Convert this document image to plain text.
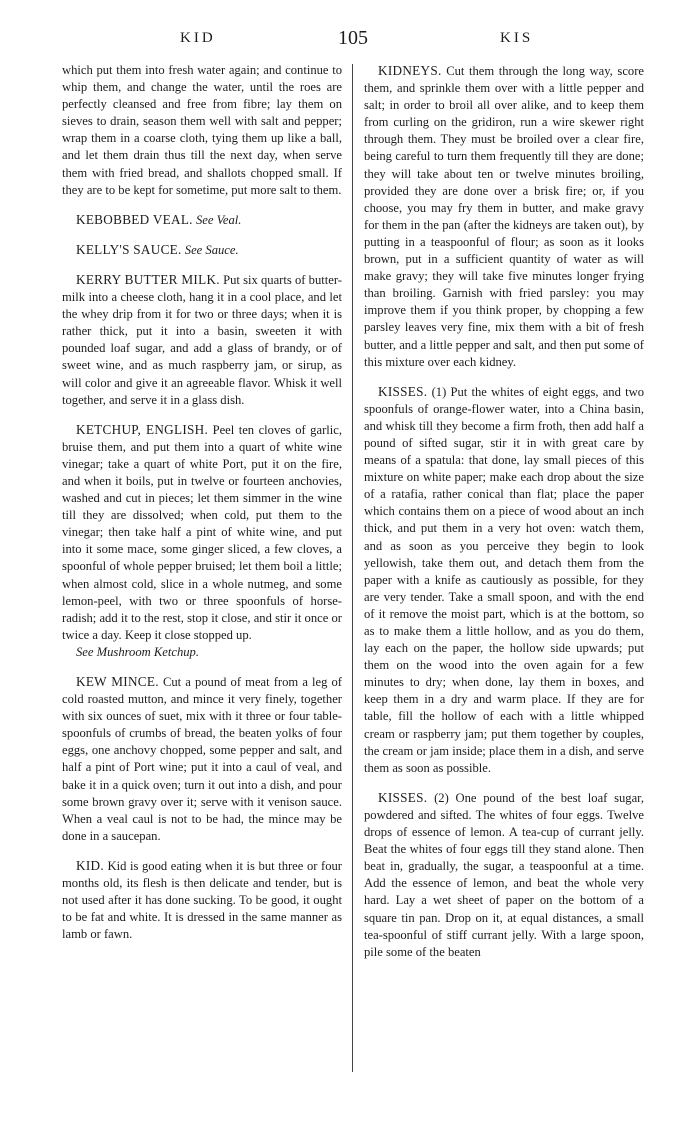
KID	105	KIS

which put them into fresh water again; and continue to whip them, and change the water, until the roes are perfectly cleansed and free from fibre; lay them on sieves to drain, season them well with salt and pepper; wrap them in a coarse cloth, tying them up like a ball, and let them drain thus till the next day, when serve them with fried bread, and shallots chopped small. If they are to be kept for sometime, put more salt to them.

KEBOBBED VEAL. See Veal.

KELLY'S SAUCE. See Sauce.

KERRY BUTTER MILK. Put six quarts of butter-milk into a cheese cloth, hang it in a cool place, and let the whey drip from it for two or three days; when it is rather thick, put it into a basin, sweeten it with pounded loaf sugar, and add a glass of brandy, or of sweet wine, and as much raspberry jam, or sirup, as will color and give it an agreeable flavor. Whisk it well together, and serve it in a glass dish.

KETCHUP, ENGLISH. Peel ten cloves of garlic, bruise them, and put them into a quart of white wine vinegar; take a quart of white Port, put it on the fire, and when it boils, put in twelve or fourteen anchovies, washed and cut in pieces; let them simmer in the wine till they are dissolved; when cold, put them to the vinegar; then take half a pint of white wine, and put into it some mace, some ginger sliced, a few cloves, a spoonful of whole pepper bruised; let them boil a little; when almost cold, slice in a whole nutmeg, and some lemon-peel, with two or three spoonfuls of horse-radish; add it to the rest, stop it close, and stir it once or twice a day. Keep it close stopped up.
See Mushroom Ketchup.

KEW MINCE. Cut a pound of meat from a leg of cold roasted mutton, and mince it very finely, together with six ounces of suet, mix with it three or four table-spoonfuls of crumbs of bread, the beaten yolks of four eggs, one anchovy chopped, some pepper and salt, and half a pint of Port wine; put it into a caul of veal, and bake it in a quick oven; turn it out into a dish, and pour some brown gravy over it; serve with it venison sauce. When a veal caul is not to be had, the mince may be done in a saucepan.

KID. Kid is good eating when it is but three or four months old, its flesh is then delicate and tender, but is not used after it has done sucking. To be good, it ought to be fat and white. It is dressed in the same manner as lamb or fawn.

KIDNEYS. Cut them through the long way, score them, and sprinkle them over with a little pepper and salt; in order to broil all over alike, and to keep them from curling on the gridiron, run a wire skewer right through them. They must be broiled over a clear fire, being careful to turn them frequently till they are done; they will take about ten or twelve minutes broiling, provided they are done over a brisk fire; or, if you choose, you may fry them in butter, and make gravy for them in the pan (after the kidneys are taken out), by putting in a teaspoonful of flour; as soon as it looks brown, put in a sufficient quantity of water as will make gravy; they will take five minutes longer frying than broiling. Garnish with fried parsley: you may improve them if you think proper, by chopping a few parsley leaves very fine, mix them with a bit of fresh butter, and a little pepper and salt, and then put some of this mixture over each kidney.

KISSES. (1) Put the whites of eight eggs, and two spoonfuls of orange-flower water, into a China basin, and whisk till they become a firm froth, then add half a pound of sifted sugar, stir it in with great care by means of a spatula: that done, lay small pieces of this mixture on white paper; make each drop about the size of a ratafia, rather conical than flat; place the paper which contains them on a piece of wood about an inch thick, and put them in a very hot oven: watch them, and as soon as you perceive they begin to look yellowish, take them out, and detach them from the paper with a knife as cautiously as possible, for they are very tender. Take a small spoon, and with the end of it remove the moist part, which is at the bottom, so as to make them a little hollow, and as you do them, lay each on the paper, the hollow side upwards; put them on the wood into the oven again for a few minutes to dry; when done, lay them in boxes, and keep them in a dry and warm place. If they are for table, fill the hollow of each with a little whipped cream or raspberry jam; put them together by couples, the cream or jam inside; place them in a dish, and serve them as soon as possible.

KISSES. (2) One pound of the best loaf sugar, powdered and sifted. The whites of four eggs. Twelve drops of essence of lemon. A tea-cup of currant jelly. Beat the whites of four eggs till they stand alone. Then beat in, gradually, the sugar, a teaspoonful at a time. Add the essence of lemon, and beat the whole very hard. Lay a wet sheet of paper on the bottom of a square tin pan. Drop on it, at equal distances, a small tea-spoonful of stiff currant jelly. With a large spoon, pile some of the beaten
